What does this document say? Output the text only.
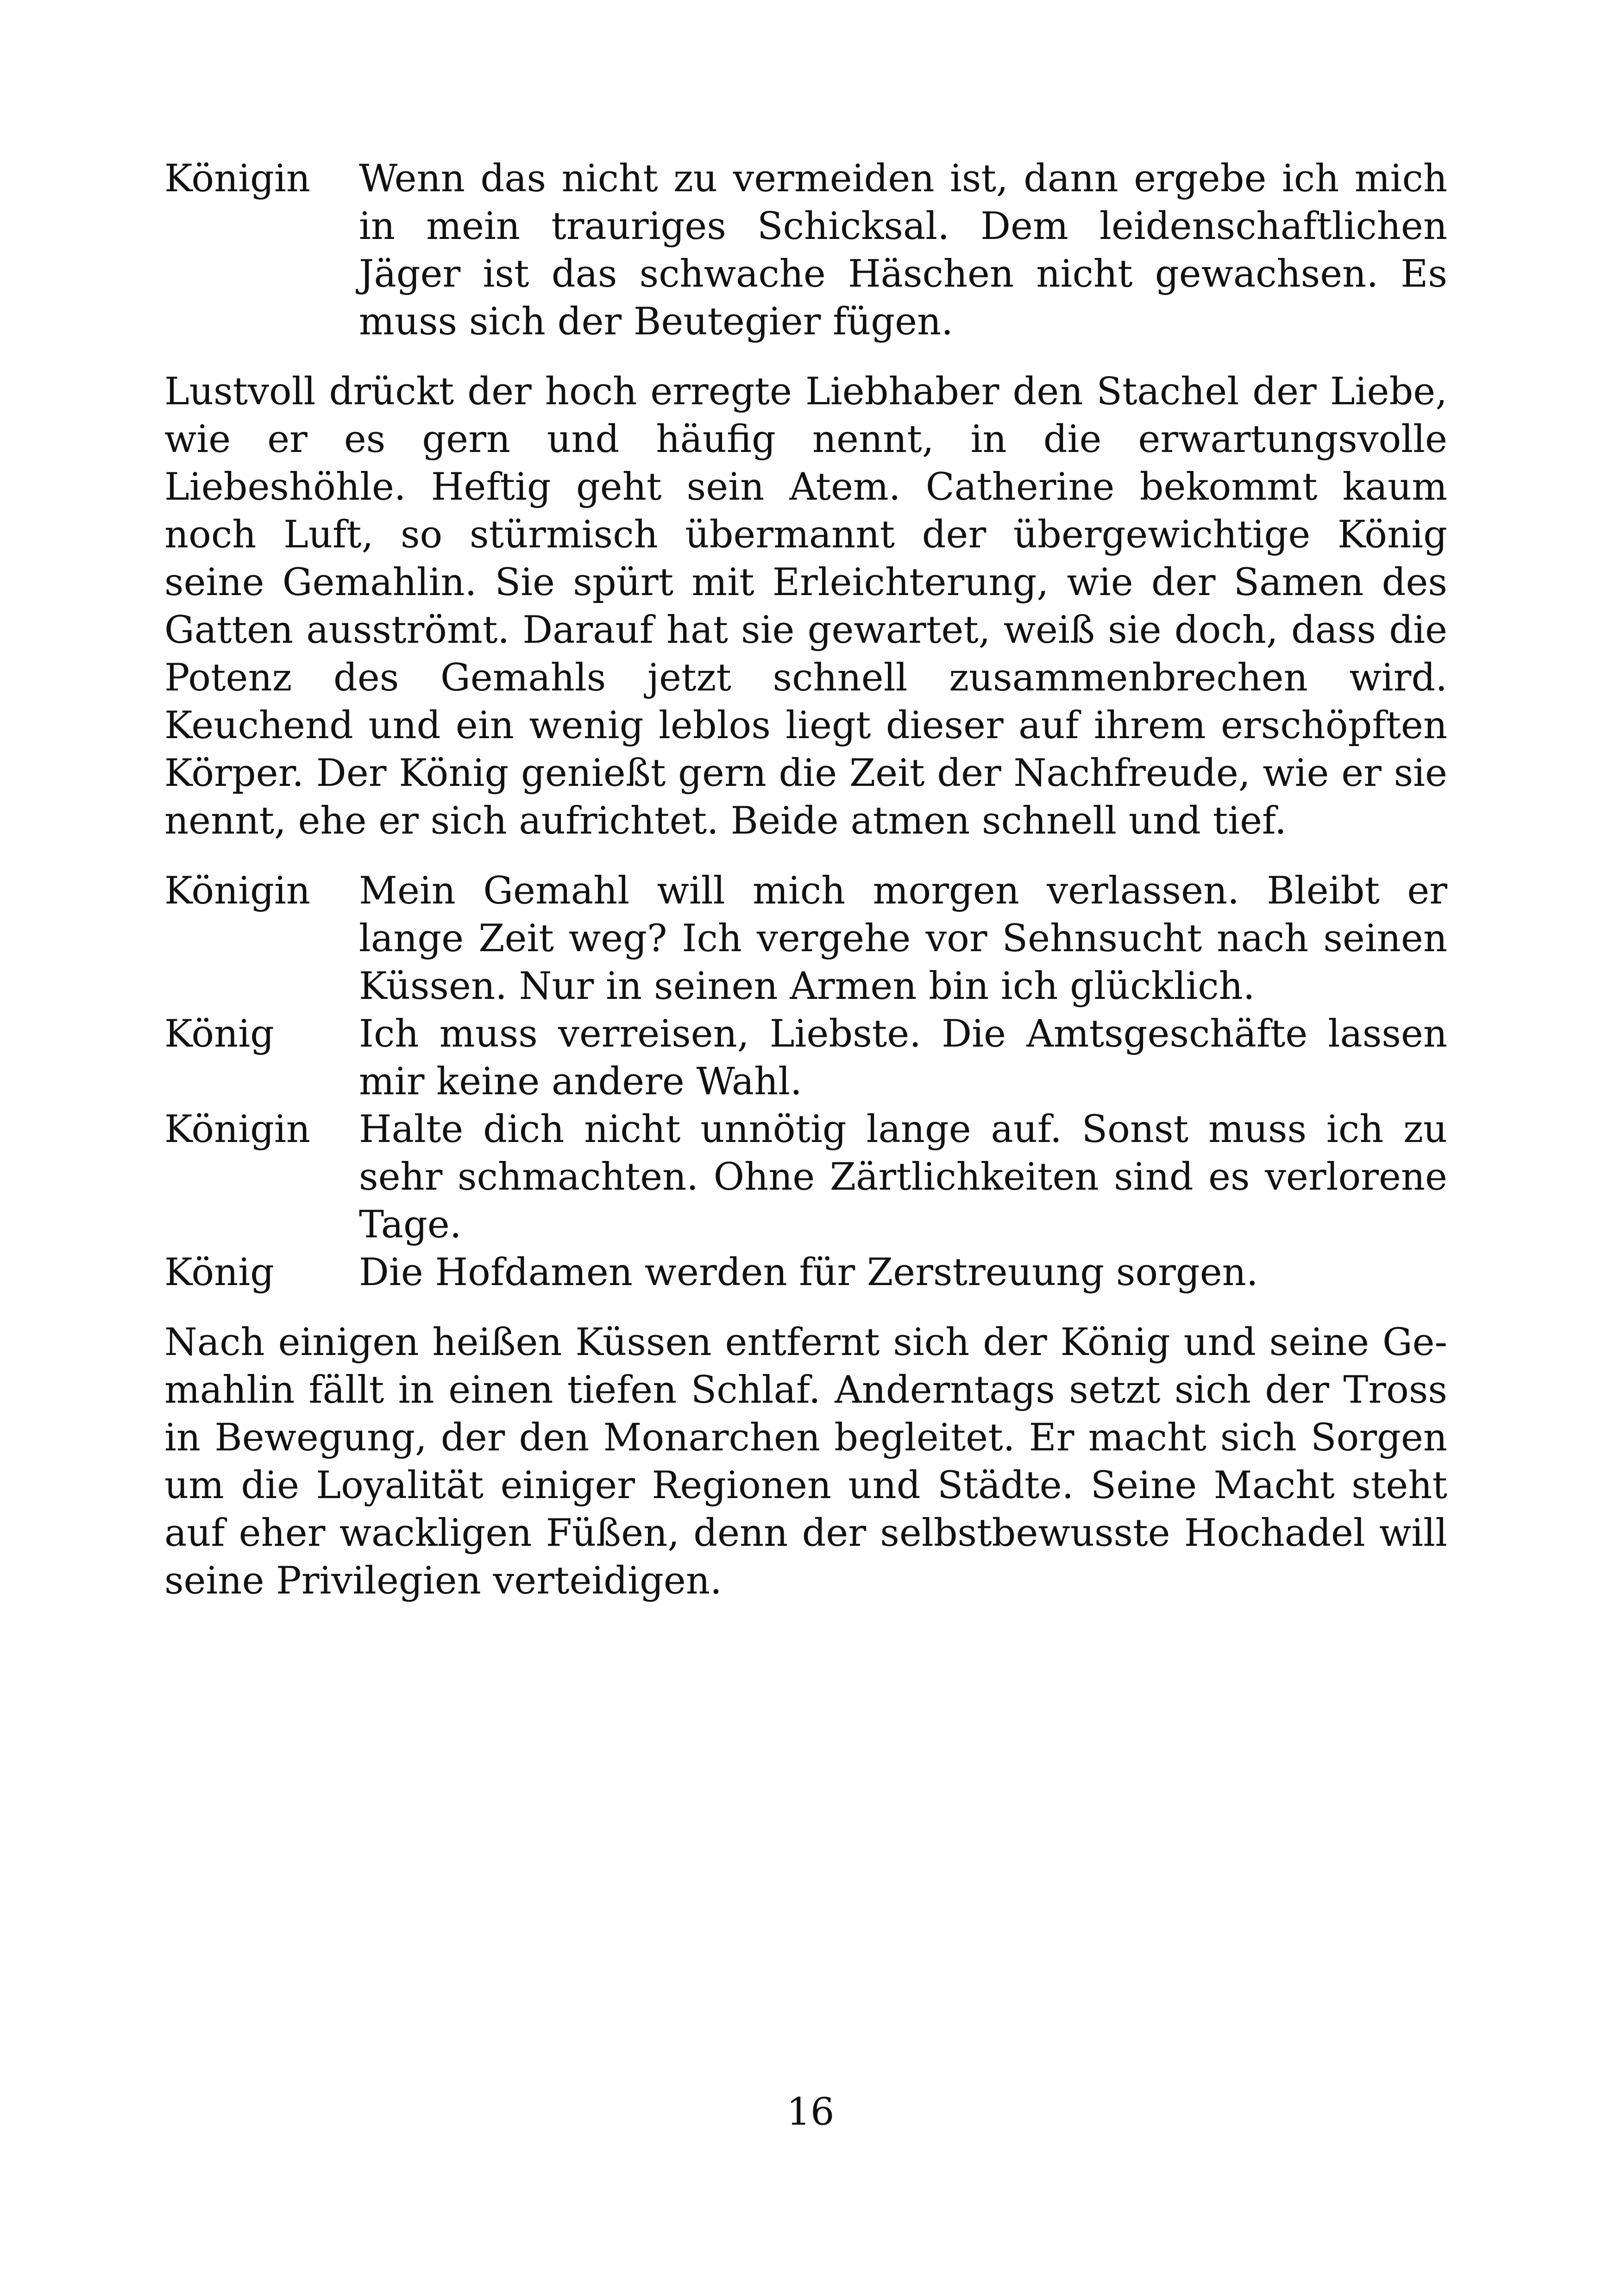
Königin	Wenn das nicht zu vermeiden ist, dann ergebe ich mich in mein trauriges Schicksal. Dem leidenschaftlichen Jäger ist das schwache Häschen nicht gewachsen. Es muss sich der Beutegier fügen.

Lustvoll drückt der hoch erregte Liebhaber den Stachel der Liebe, wie er es gern und häufig nennt, in die erwartungsvolle Liebeshöhle. Heftig geht sein Atem. Catherine bekommt kaum noch Luft, so stürmisch übermannt der übergewichtige König seine Gemahlin. Sie spürt mit Erleichterung, wie der Samen des Gatten ausströmt. Darauf hat sie gewartet, weiß sie doch, dass die Potenz des Gemahls jetzt schnell zusammenbrechen wird. Keuchend und ein wenig leblos liegt dieser auf ihrem erschöpften Körper. Der König genießt gern die Zeit der Nachfreude, wie er sie nennt, ehe er sich aufrichtet. Beide atmen schnell und tief.

Königin	Mein Gemahl will mich morgen verlassen. Bleibt er lange Zeit weg? Ich vergehe vor Sehnsucht nach seinen Küssen. Nur in seinen Armen bin ich glücklich.
König	Ich muss verreisen, Liebste. Die Amtsgeschäfte lassen mir keine andere Wahl.
Königin	Halte dich nicht unnötig lange auf. Sonst muss ich zu sehr schmachten. Ohne Zärtlichkeiten sind es verlorene Tage.
König	Die Hofdamen werden für Zerstreuung sorgen.

Nach einigen heißen Küssen entfernt sich der König und seine Gemahlin fällt in einen tiefen Schlaf. Anderntags setzt sich der Tross in Bewegung, der den Monarchen begleitet. Er macht sich Sorgen um die Loyalität einiger Regionen und Städte. Seine Macht steht auf eher wackligen Füßen, denn der selbstbewusste Hochadel will seine Privilegien verteidigen.

16
